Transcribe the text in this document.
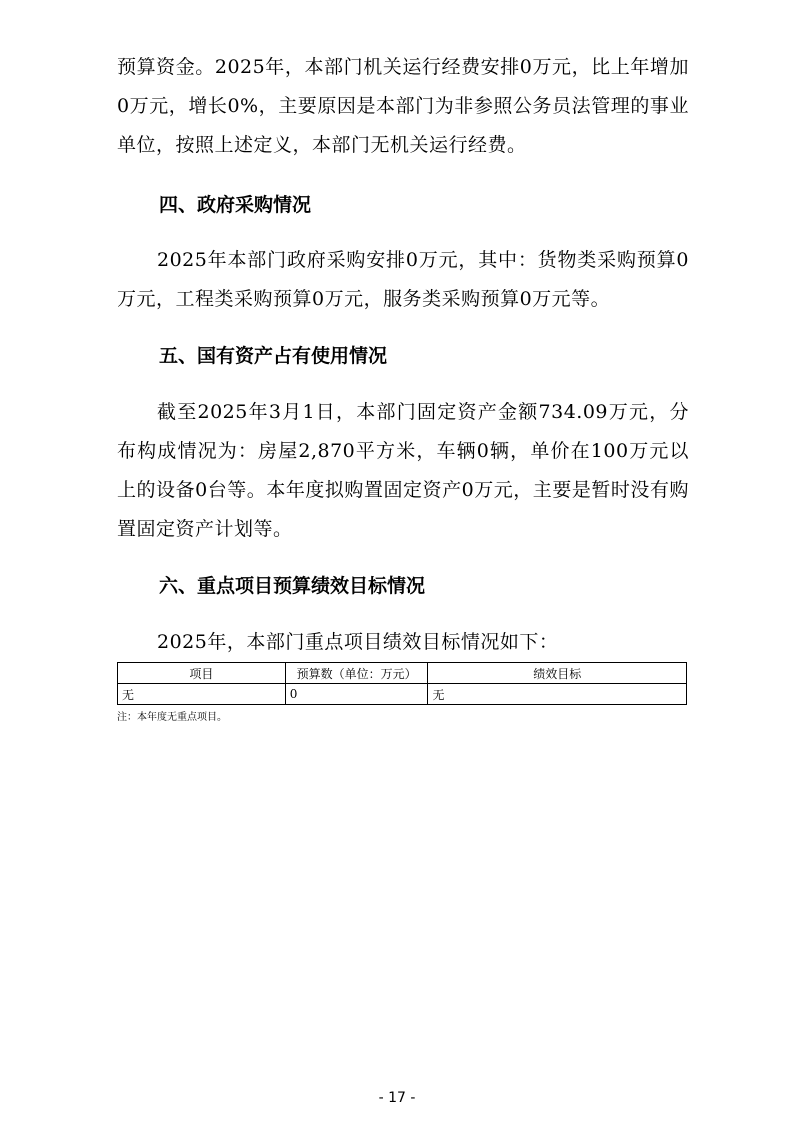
预算资金。2025年，本部门机关运行经费安排0万元，比上年增加0万元，增长0%，主要原因是本部门为非参照公务员法管理的事业单位，按照上述定义，本部门无机关运行经费。

四、政府采购情况

2025年本部门政府采购安排0万元，其中：货物类采购预算0万元，工程类采购预算0万元，服务类采购预算0万元等。

五、国有资产占有使用情况

截至2025年3月1日，本部门固定资产金额734.09万元，分布构成情况为：房屋2,870平方米，车辆0辆，单价在100万元以上的设备0台等。本年度拟购置固定资产0万元，主要是暂时没有购置固定资产计划等。

六、重点项目预算绩效目标情况

2025年，本部门重点项目绩效目标情况如下：

项目	预算数（单位：万元）	绩效目标
无	0	无
注：本年度无重点项目。
- 17 -
